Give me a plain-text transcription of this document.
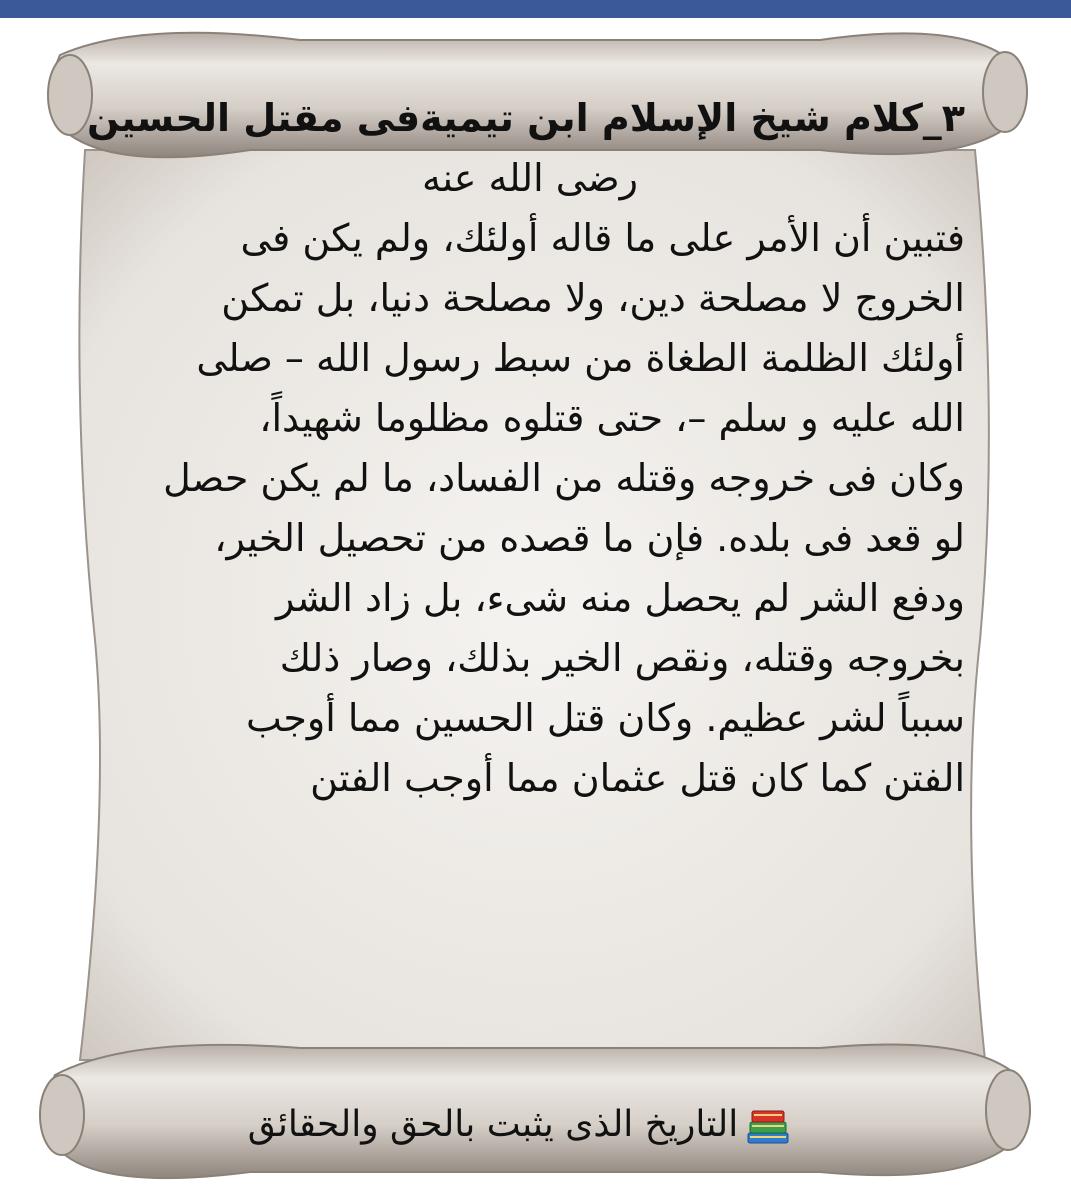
٣_كلام شيخ الإسلام ابن تيميةفى مقتل الحسين
رضى الله عنه
فتبين أن الأمر على ما قاله أولئك، ولم يكن فى
الخروج لا مصلحة دين، ولا مصلحة دنيا، بل تمكن
أولئك الظلمة الطغاة من سبط رسول الله – صلى
الله عليه و سلم –، حتى قتلوه مظلوما شهيداً،
وكان فى خروجه وقتله من الفساد، ما لم يكن حصل
لو قعد فى بلده. فإن ما قصده من تحصيل الخير،
ودفع الشر لم يحصل منه شىء، بل زاد الشر
بخروجه وقتله، ونقص الخير بذلك، وصار ذلك
سبباً لشر عظيم. وكان قتل الحسين مما أوجب
الفتن كما كان قتل عثمان مما أوجب الفتن
التاريخ الذى يثبت بالحق والحقائق
